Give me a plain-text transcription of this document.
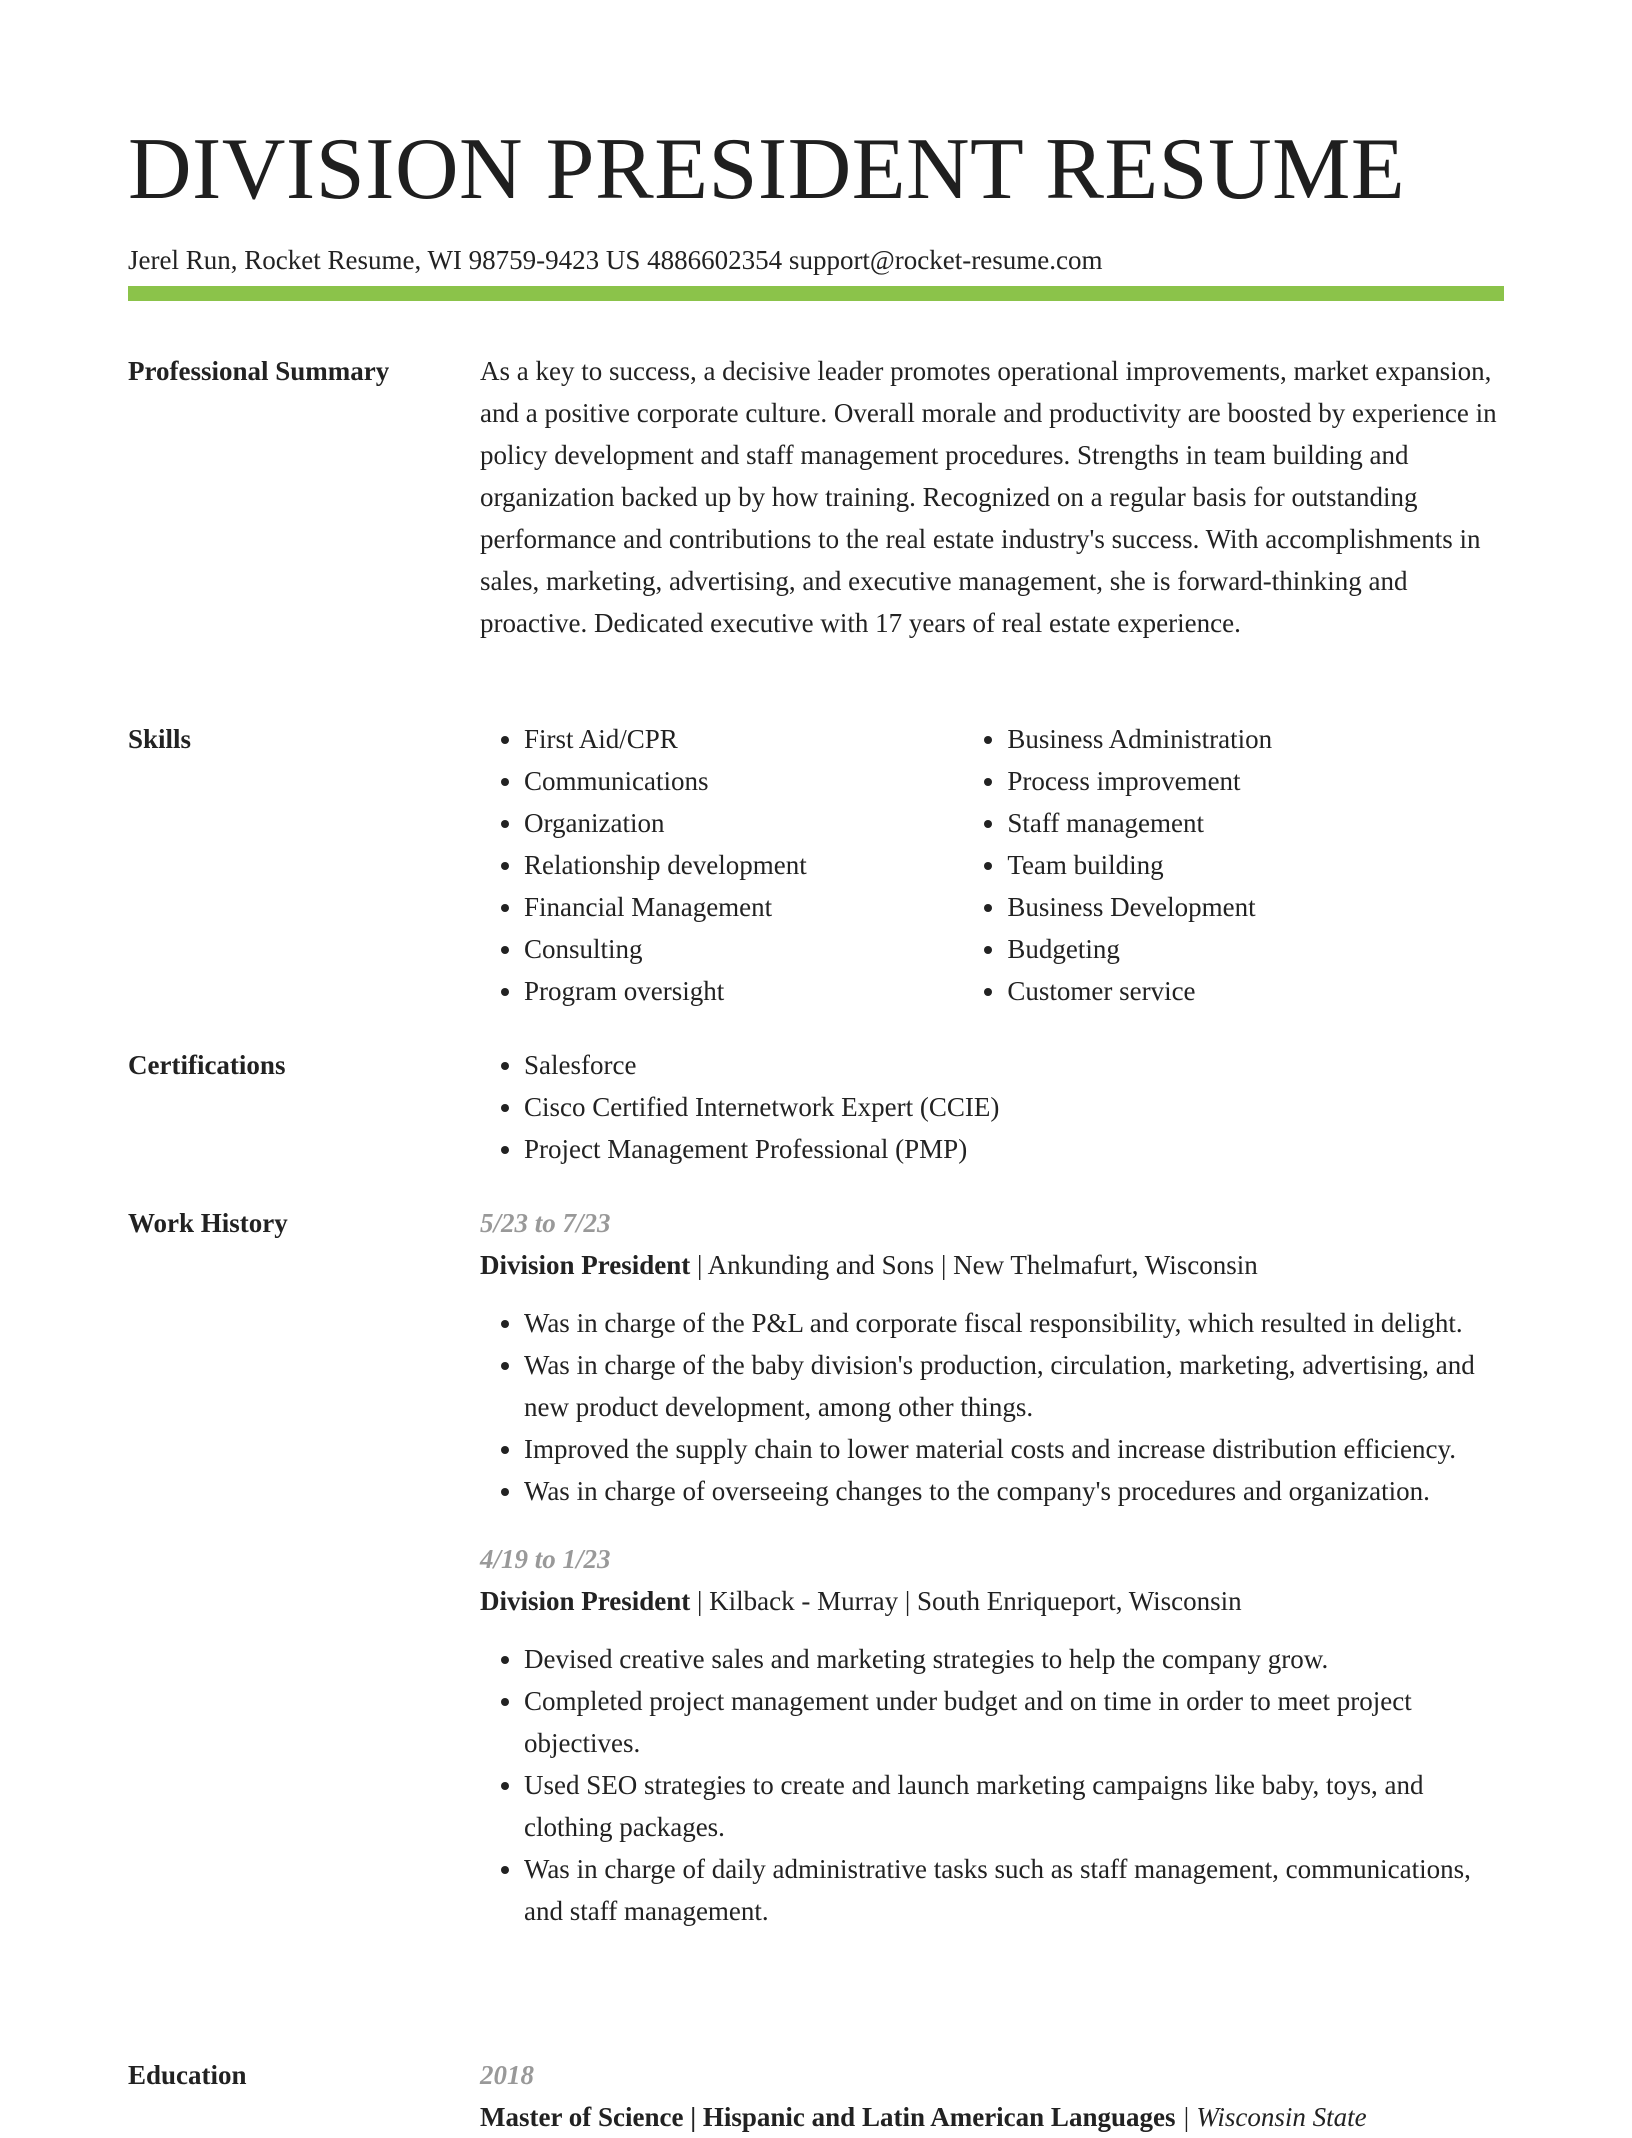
DIVISION PRESIDENT RESUME
Jerel Run, Rocket Resume, WI 98759-9423 US 4886602354 support@rocket-resume.com
Professional Summary	As a key to success, a decisive leader promotes operational improvements, market expansion, and a positive corporate culture. Overall morale and productivity are boosted by experience in policy development and staff management procedures. Strengths in team building and organization backed up by how training. Recognized on a regular basis for outstanding performance and contributions to the real estate industry's success. With accomplishments in sales, marketing, advertising, and executive management, she is forward-thinking and proactive. Dedicated executive with 17 years of real estate experience.
Skills	• First Aid/CPR
• Communications
• Organization
• Relationship development
• Financial Management
• Consulting
• Program oversight
• Business Administration
• Process improvement
• Staff management
• Team building
• Business Development
• Budgeting
• Customer service
Certifications	• Salesforce
• Cisco Certified Internetwork Expert (CCIE)
• Project Management Professional (PMP)
Work History	5/23 to 7/23
Division President | Ankunding and Sons | New Thelmafurt, Wisconsin
• Was in charge of the P&L and corporate fiscal responsibility, which resulted in delight.
• Was in charge of the baby division's production, circulation, marketing, advertising, and new product development, among other things.
• Improved the supply chain to lower material costs and increase distribution efficiency.
• Was in charge of overseeing changes to the company's procedures and organization.
4/19 to 1/23
Division President | Kilback - Murray | South Enriqueport, Wisconsin
• Devised creative sales and marketing strategies to help the company grow.
• Completed project management under budget and on time in order to meet project objectives.
• Used SEO strategies to create and launch marketing campaigns like baby, toys, and clothing packages.
• Was in charge of daily administrative tasks such as staff management, communications, and staff management.
Education	2018
Master of Science | Hispanic and Latin American Languages | Wisconsin State
